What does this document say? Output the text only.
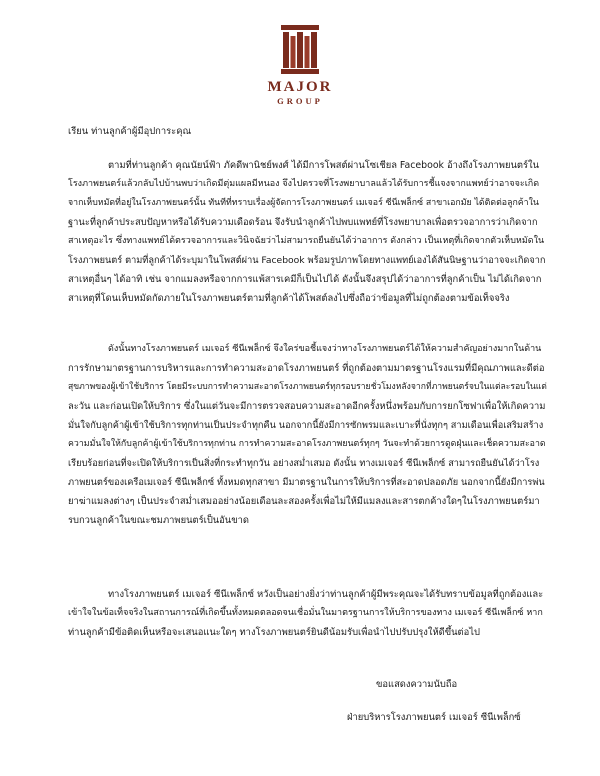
MAJOR
GROUP
เรียน ท่านลูกค้าผู้มีอุปการะคุณ
ตามที่ท่านลูกค้า คุณนัยน์ฟ้า ภัคดีพานิชย์พงศ์ ได้มีการโพสต์ผ่านโซเชียล Facebook อ้างถึงโรงภาพยนตร์ใน
โรงภาพยนตร์แล้วกลับไปบ้านพบว่าเกิดมีตุ่มแผลมีหนอง จึงไปตรวจที่โรงพยาบาลแล้วได้รับการชี้แจงจากแพทย์ว่าอาจจะเกิด
จากเห็บหมัดที่อยู่ในโรงภาพยนตร์นั้น ทันทีที่ทราบเรื่องผู้จัดการโรงภาพยนตร์ เมเจอร์ ซีนีเพล็กซ์ สาขาเอกมัย ได้ติดต่อลูกค้าใน
ฐานะที่ลูกค้าประสบปัญหาหรือได้รับความเดือดร้อน จึงรับนำลูกค้าไปพบแพทย์ที่โรงพยาบาลเพื่อตรวจอาการว่าเกิดจาก
สาเหตุอะไร ซึ่งทางแพทย์ได้ตรวจอาการและวินิจฉัยว่าไม่สามารถยืนยันได้ว่าอาการ ดังกล่าว เป็นเหตุที่เกิดจากตัวเห็บหมัดใน
โรงภาพยนตร์ ตามที่ลูกค้าได้ระบุมาในโพสต์ผ่าน Facebook พร้อมรูปภาพโดยทางแพทย์เองได้สันนิษฐานว่าอาจจะเกิดจาก
สาเหตุอื่นๆ ได้อาทิ เช่น จากแมลงหรือจากการแพ้สารเคมีก็เป็นไปได้ ดังนั้นจึงสรุปได้ว่าอาการที่ลูกค้าเป็น ไม่ได้เกิดจาก
สาเหตุที่โดนเห็บหมัดกัดภายในโรงภาพยนตร์ตามที่ลูกค้าได้โพสต์ลงไปซึ่งถือว่าข้อมูลที่ไม่ถูกต้องตามข้อเท็จจริง
ดังนั้นทางโรงภาพยนตร์ เมเจอร์ ซีนีเพล็กซ์ จึงใคร่ขอชี้แจงว่าทางโรงภาพยนตร์ได้ให้ความสำคัญอย่างมากในด้าน
การรักษามาตรฐานการบริหารและการทำความสะอาดโรงภาพยนตร์ ที่ถูกต้องตามมาตรฐานโรงแรมที่มีคุณภาพและดีต่อ
สุขภาพของผู้เข้าใช้บริการ โดยมีระบบการทำความสะอาดโรงภาพยนตร์ทุกรอบรายชั่วโมงหลังจากที่ภาพยนตร์จบในแต่ละรอบในแต่
ละวัน และก่อนเปิดให้บริการ ซึ่งในแต่วันจะมีการตรวจสอบความสะอาดอีกครั้งหนึ่งพร้อมกับการยกโซฟาเพื่อให้เกิดความ
มั่นใจกับลูกค้าผู้เข้าใช้บริการทุกท่านเป็นประจำทุกคืน นอกจากนี้ยังมีการซักพรมและเบาะที่นั่งทุกๆ สามเดือนเพื่อเสริมสร้าง
ความมั่นใจให้กับลูกค้าผู้เข้าใช้บริการทุกท่าน การทำความสะอาดโรงภาพยนตร์ทุกๆ วันจะทำด้วยการดูดฝุ่นและเช็ดความสะอาด
เรียบร้อยก่อนที่จะเปิดให้บริการเป็นสิ่งที่กระทำทุกวัน อย่างสม่ำเสมอ ดังนั้น ทางเมเจอร์ ซีนีเพล็กซ์ สามารถยืนยันได้ว่าโรง
ภาพยนตร์ของเครือเมเจอร์ ซีนีเพล็กซ์ ทั้งหมดทุกสาขา มีมาตรฐานในการให้บริการที่สะอาดปลอดภัย นอกจากนี้ยังมีการพ่น
ยาฆ่าแมลงต่างๆ เป็นประจำสม่ำเสมออย่างน้อยเดือนละสองครั้งเพื่อไม่ให้มีแมลงและสารตกค้างใดๆในโรงภาพยนตร์มา
รบกวนลูกค้าในขณะชมภาพยนตร์เป็นอันขาด
ทางโรงภาพยนตร์ เมเจอร์ ซีนีเพล็กซ์ หวังเป็นอย่างยิ่งว่าท่านลูกค้าผู้มีพระคุณจะได้รับทราบข้อมูลที่ถูกต้องและ
เข้าใจในข้อเท็จจริงในสถานการณ์ที่เกิดขึ้นทั้งหมดตลอดจนเชื่อมั่นในมาตรฐานการให้บริการของทาง เมเจอร์ ซีนีเพล็กซ์ หาก
ท่านลูกค้ามีข้อติดเห็นหรือจะเสนอแนะใดๆ ทางโรงภาพยนตร์ยินดีน้อมรับเพื่อนำไปปรับปรุงให้ดีขึ้นต่อไป
ขอแสดงความนับถือ
ฝ่ายบริหารโรงภาพยนตร์ เมเจอร์ ซีนีเพล็กซ์
